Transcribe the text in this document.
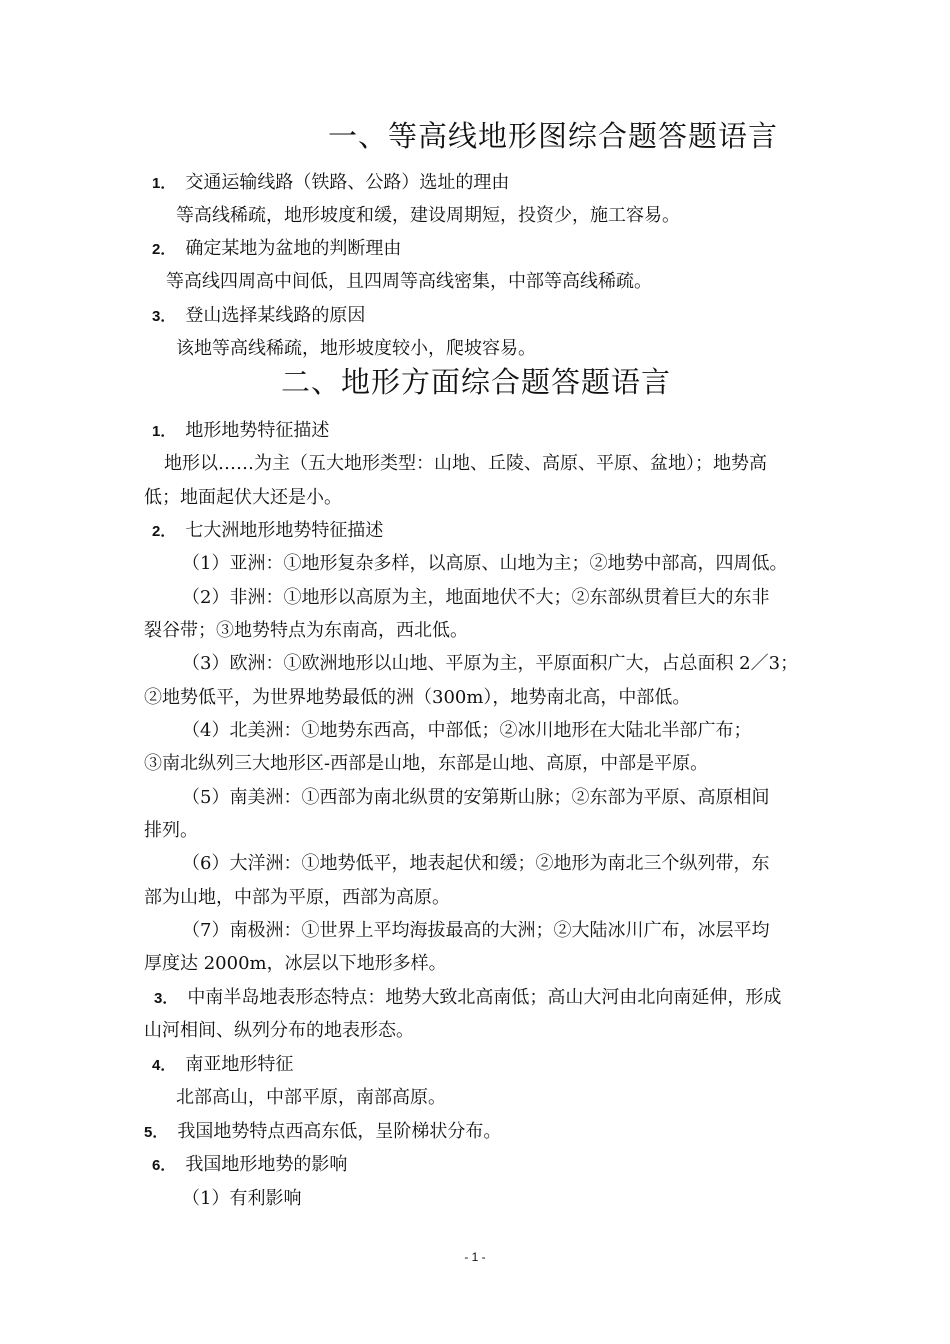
一、等高线地形图综合题答题语言
1． 交通运输线路（铁路、公路）选址的理由
等高线稀疏，地形坡度和缓，建设周期短，投资少，施工容易。
2． 确定某地为盆地的判断理由
等高线四周高中间低，且四周等高线密集，中部等高线稀疏。
3． 登山选择某线路的原因
该地等高线稀疏，地形坡度较小，爬坡容易。
二、地形方面综合题答题语言
1． 地形地势特征描述
地形以……为主（五大地形类型：山地、丘陵、高原、平原、盆地）；地势高
低；地面起伏大还是小。
2． 七大洲地形地势特征描述
（1）亚洲：①地形复杂多样，以高原、山地为主；②地势中部高，四周低。
（2）非洲：①地形以高原为主，地面地伏不大；②东部纵贯着巨大的东非
裂谷带；③地势特点为东南高，西北低。
（3）欧洲：①欧洲地形以山地、平原为主，平原面积广大，占总面积 2／3；
②地势低平，为世界地势最低的洲（300m），地势南北高，中部低。
（4）北美洲：①地势东西高，中部低；②冰川地形在大陆北半部广布；
③南北纵列三大地形区-西部是山地，东部是山地、高原，中部是平原。
（5）南美洲：①西部为南北纵贯的安第斯山脉；②东部为平原、高原相间
排列。
（6）大洋洲：①地势低平，地表起伏和缓；②地形为南北三个纵列带，东
部为山地，中部为平原，西部为高原。
（7）南极洲：①世界上平均海拔最高的大洲；②大陆冰川广布，冰层平均
厚度达 2000m，冰层以下地形多样。
3． 中南半岛地表形态特点：地势大致北高南低；高山大河由北向南延伸，形成
山河相间、纵列分布的地表形态。
4． 南亚地形特征
北部高山，中部平原，南部高原。
5． 我国地势特点西高东低，呈阶梯状分布。
6． 我国地形地势的影响
（1）有利影响
- 1 -
